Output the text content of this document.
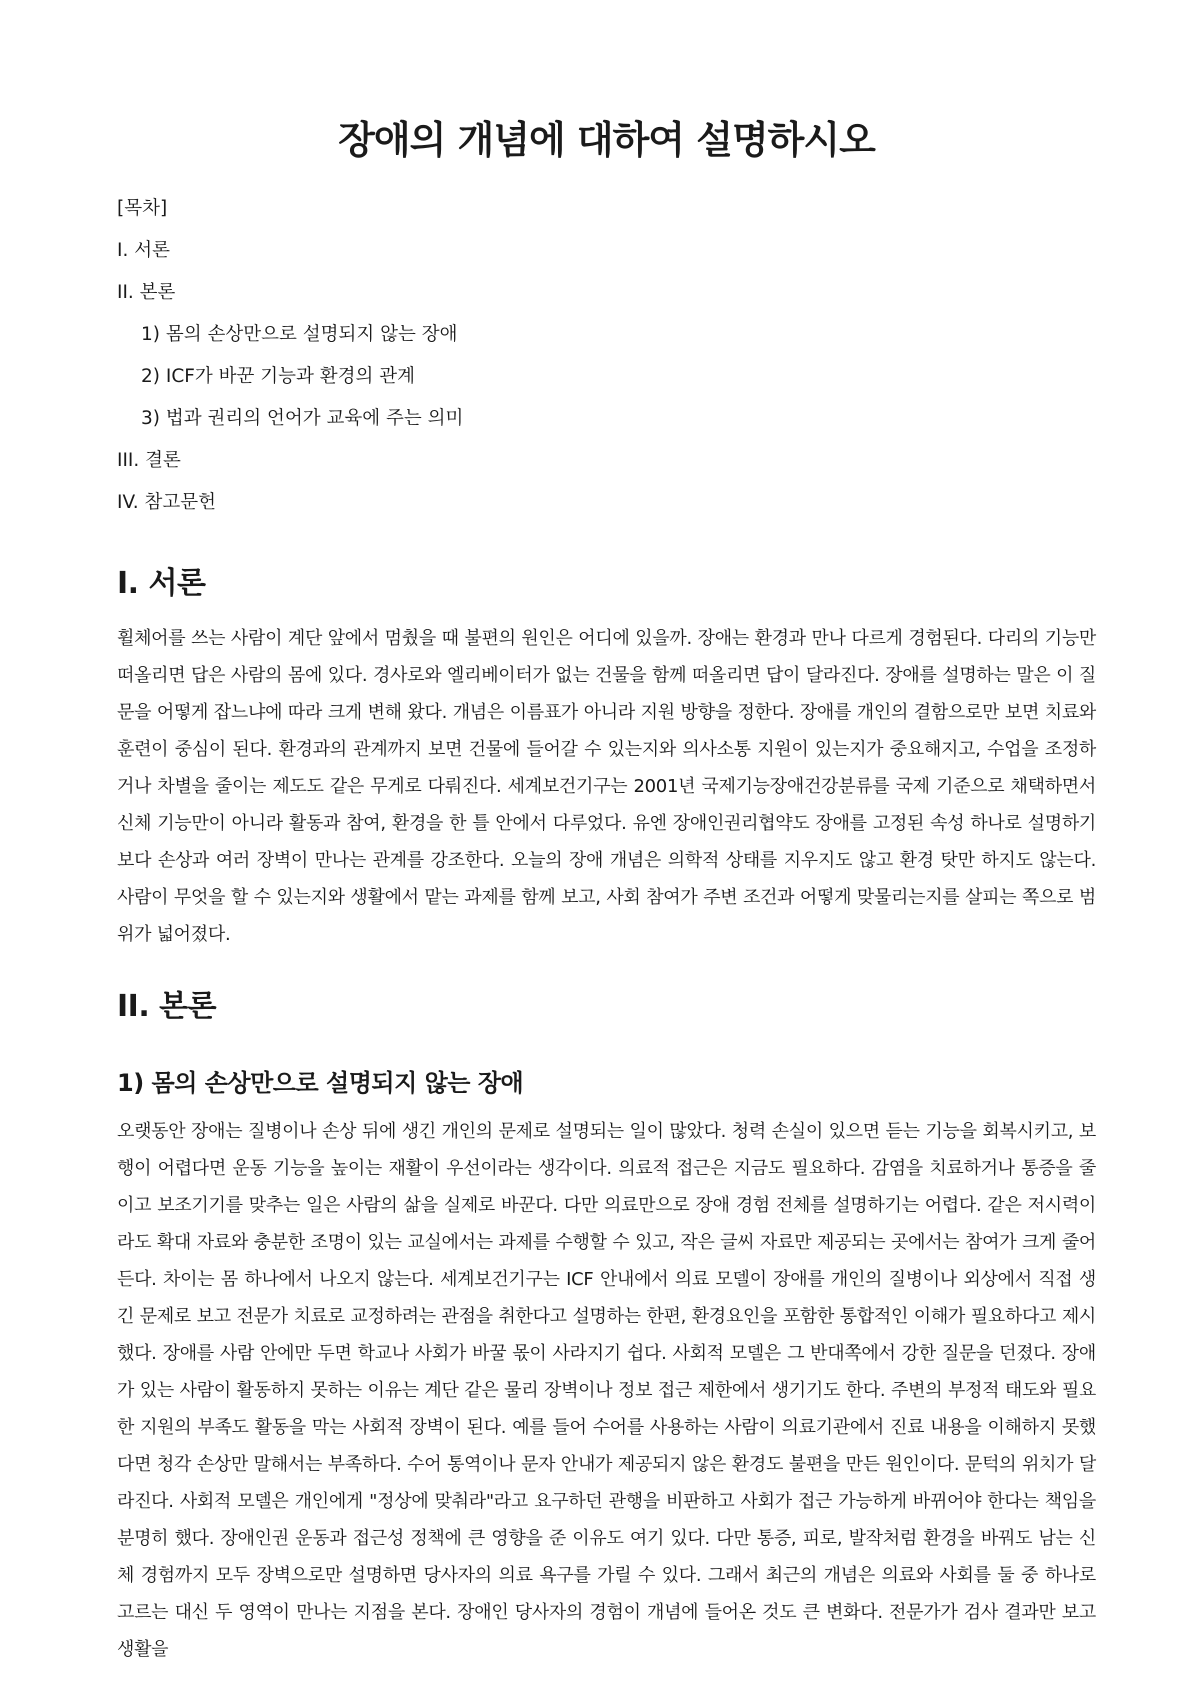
장애의 개념에 대하여 설명하시오
[목차]
I. 서론
II. 본론
1) 몸의 손상만으로 설명되지 않는 장애
2) ICF가 바꾼 기능과 환경의 관계
3) 법과 권리의 언어가 교육에 주는 의미
III. 결론
IV. 참고문헌
I. 서론

휠체어를 쓰는 사람이 계단 앞에서 멈췄을 때 불편의 원인은 어디에 있을까. 장애는 환경과 만나 다르게 경험된다. 다리의 기능만 떠올리면 답은 사람의 몸에 있다. 경사로와 엘리베이터가 없는 건물을 함께 떠올리면 답이 달라진다. 장애를 설명하는 말은 이 질문을 어떻게 잡느냐에 따라 크게 변해 왔다. 개념은 이름표가 아니라 지원 방향을 정한다. 장애를 개인의 결함으로만 보면 치료와 훈련이 중심이 된다. 환경과의 관계까지 보면 건물에 들어갈 수 있는지와 의사소통 지원이 있는지가 중요해지고, 수업을 조정하거나 차별을 줄이는 제도도 같은 무게로 다뤄진다. 세계보건기구는 2001년 국제기능장애건강분류를 국제 기준으로 채택하면서 신체 기능만이 아니라 활동과 참여, 환경을 한 틀 안에서 다루었다. 유엔 장애인권리협약도 장애를 고정된 속성 하나로 설명하기보다 손상과 여러 장벽이 만나는 관계를 강조한다. 오늘의 장애 개념은 의학적 상태를 지우지도 않고 환경 탓만 하지도 않는다. 사람이 무엇을 할 수 있는지와 생활에서 맡는 과제를 함께 보고, 사회 참여가 주변 조건과 어떻게 맞물리는지를 살피는 쪽으로 범위가 넓어졌다.

II. 본론
1) 몸의 손상만으로 설명되지 않는 장애

오랫동안 장애는 질병이나 손상 뒤에 생긴 개인의 문제로 설명되는 일이 많았다. 청력 손실이 있으면 듣는 기능을 회복시키고, 보행이 어렵다면 운동 기능을 높이는 재활이 우선이라는 생각이다. 의료적 접근은 지금도 필요하다. 감염을 치료하거나 통증을 줄이고 보조기기를 맞추는 일은 사람의 삶을 실제로 바꾼다. 다만 의료만으로 장애 경험 전체를 설명하기는 어렵다. 같은 저시력이라도 확대 자료와 충분한 조명이 있는 교실에서는 과제를 수행할 수 있고, 작은 글씨 자료만 제공되는 곳에서는 참여가 크게 줄어든다. 차이는 몸 하나에서 나오지 않는다. 세계보건기구는 ICF 안내에서 의료 모델이 장애를 개인의 질병이나 외상에서 직접 생긴 문제로 보고 전문가 치료로 교정하려는 관점을 취한다고 설명하는 한편, 환경요인을 포함한 통합적인 이해가 필요하다고 제시했다. 장애를 사람 안에만 두면 학교나 사회가 바꿀 몫이 사라지기 쉽다. 사회적 모델은 그 반대쪽에서 강한 질문을 던졌다. 장애가 있는 사람이 활동하지 못하는 이유는 계단 같은 물리 장벽이나 정보 접근 제한에서 생기기도 한다. 주변의 부정적 태도와 필요한 지원의 부족도 활동을 막는 사회적 장벽이 된다. 예를 들어 수어를 사용하는 사람이 의료기관에서 진료 내용을 이해하지 못했다면 청각 손상만 말해서는 부족하다. 수어 통역이나 문자 안내가 제공되지 않은 환경도 불편을 만든 원인이다. 문턱의 위치가 달라진다. 사회적 모델은 개인에게 "정상에 맞춰라"라고 요구하던 관행을 비판하고 사회가 접근 가능하게 바뀌어야 한다는 책임을 분명히 했다. 장애인권 운동과 접근성 정책에 큰 영향을 준 이유도 여기 있다. 다만 통증, 피로, 발작처럼 환경을 바꿔도 남는 신체 경험까지 모두 장벽으로만 설명하면 당사자의 의료 욕구를 가릴 수 있다. 그래서 최근의 개념은 의료와 사회를 둘 중 하나로 고르는 대신 두 영역이 만나는 지점을 본다. 장애인 당사자의 경험이 개념에 들어온 것도 큰 변화다. 전문가가 검사 결과만 보고 생활을
